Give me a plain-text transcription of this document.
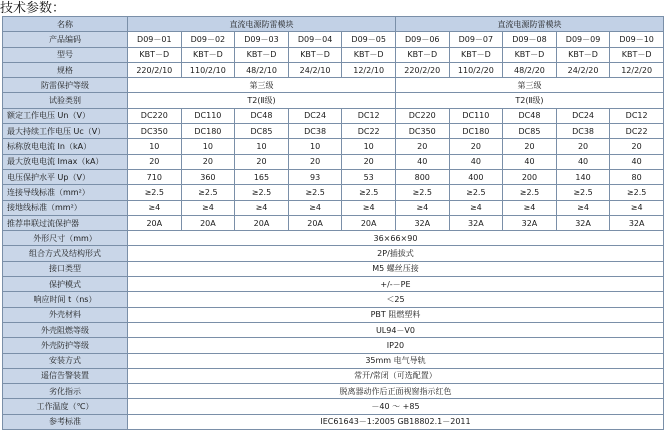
技术参数：
名称	直流电源防雷模块					直流电源防雷模块				
产品编码	D09－01	D09－02	D09－03	D09－04	D09－05	D09－06	D09－07	D09－08	D09－09	D09－10
型号	KBT－D	KBT－D	KBT－D	KBT－D	KBT－D	KBT－D	KBT－D	KBT－D	KBT－D	KBT－D
规格	220/2/10	110/2/10	48/2/10	24/2/10	12/2/10	220/2/20	110/2/20	48/2/20	24/2/20	12/2/20
防雷保护等级	第三级					第三级				
试验类别	T2(Ⅱ级)					T2(Ⅱ级)				
额定工作电压 Un（V）	DC220	DC110	DC48	DC24	DC12	DC220	DC110	DC48	DC24	DC12
最大持续工作电压 Uc（V）	DC350	DC180	DC85	DC38	DC22	DC350	DC180	DC85	DC38	DC22
标称放电电流 In（kA）	10	10	10	10	10	20	20	20	20	20
最大放电电流 Imax（kA）	20	20	20	20	20	40	40	40	40	40
电压保护水平 Up（V）	710	360	165	93	53	800	400	200	140	80
连接导线标准（mm²）	≥2.5	≥2.5	≥2.5	≥2.5	≥2.5	≥2.5	≥2.5	≥2.5	≥2.5	≥2.5
接地线标准（mm²）	≥4	≥4	≥4	≥4	≥4	≥4	≥4	≥4	≥4	≥4
推荐串联过流保护器	20A	20A	20A	20A	20A	32A	32A	32A	32A	32A
外形尺寸（mm）	36×66×90									
组合方式及结构形式	2P/插拔式									
接口类型	M5 螺丝压接									
保护模式	+/-－PE									
响应时间 t（ns）	＜25									
外壳材料	PBT 阻燃塑料									
外壳阻燃等级	UL94－V0									
外壳防护等级	IP20									
安装方式	35mm 电气导轨									
遥信告警装置	常开/常闭（可选配置）									
劣化指示	脱离器动作后正面视窗指示红色									
工作温度（℃）	－40 ～ +85									
参考标准	IEC61643－1:2005 GB18802.1－2011									
